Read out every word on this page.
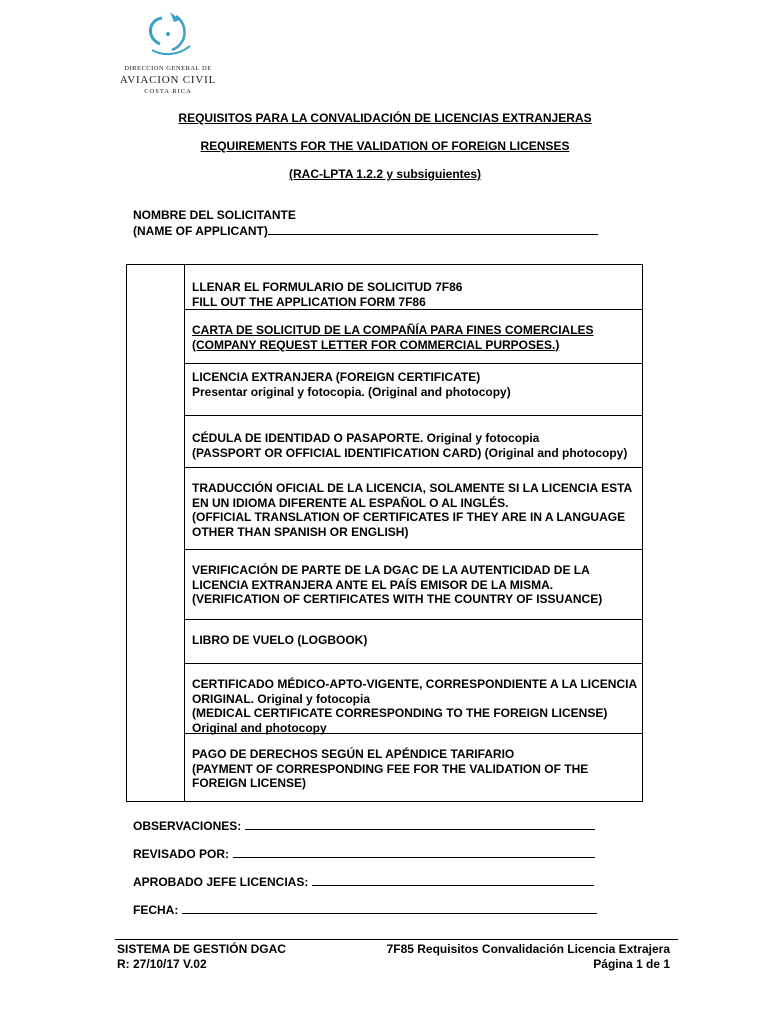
DIRECCION GENERAL DE
AVIACION CIVIL
COSTA RICA
REQUISITOS PARA LA CONVALIDACIÓN DE LICENCIAS EXTRANJERAS
REQUIREMENTS FOR THE VALIDATION OF FOREIGN LICENSES
(RAC-LPTA 1.2.2 y subsiguientes)
NOMBRE DEL SOLICITANTE
(NAME OF APPLICANT)
LLENAR EL FORMULARIO DE SOLICITUD 7F86
FILL OUT THE APPLICATION FORM 7F86
CARTA DE SOLICITUD DE LA COMPAÑÍA PARA FINES COMERCIALES
(COMPANY REQUEST LETTER FOR COMMERCIAL PURPOSES.)
LICENCIA EXTRANJERA (FOREIGN CERTIFICATE)
Presentar original y fotocopia. (Original and photocopy)
CÉDULA DE IDENTIDAD O PASAPORTE. Original y fotocopia
(PASSPORT OR OFFICIAL IDENTIFICATION CARD) (Original and photocopy)
TRADUCCIÓN OFICIAL DE LA LICENCIA, SOLAMENTE SI LA LICENCIA ESTA
EN UN IDIOMA DIFERENTE AL ESPAÑOL O AL INGLÉS.
(OFFICIAL TRANSLATION OF CERTIFICATES IF THEY ARE IN A LANGUAGE
OTHER THAN SPANISH OR ENGLISH)
VERIFICACIÓN DE PARTE DE LA DGAC DE LA AUTENTICIDAD DE LA
LICENCIA EXTRANJERA ANTE EL PAÍS EMISOR DE LA MISMA.
(VERIFICATION OF CERTIFICATES WITH THE COUNTRY OF ISSUANCE)
LIBRO DE VUELO (LOGBOOK)
CERTIFICADO MÉDICO-APTO-VIGENTE, CORRESPONDIENTE A LA LICENCIA
ORIGINAL. Original y fotocopia
(MEDICAL CERTIFICATE CORRESPONDING TO THE FOREIGN LICENSE)
Original and photocopy
PAGO DE DERECHOS SEGÚN EL APÉNDICE TARIFARIO
(PAYMENT OF CORRESPONDING FEE FOR THE VALIDATION OF THE
FOREIGN LICENSE)
OBSERVACIONES:
REVISADO POR:
APROBADO JEFE LICENCIAS:
FECHA:
SISTEMA DE GESTIÓN DGAC
R: 27/10/17 V.02
7F85 Requisitos Convalidación Licencia Extrajera
Página 1 de 1
